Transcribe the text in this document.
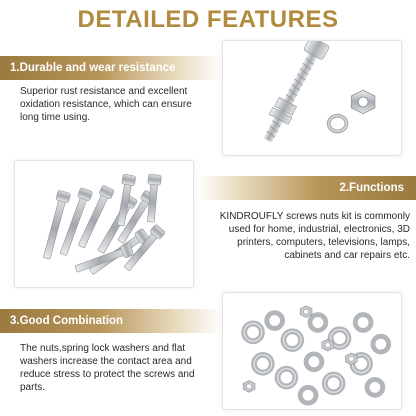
DETAILED FEATURES
1.Durable and wear resistance
Superior rust resistance and excellent
oxidation resistance, which can ensure
long time using.
2.Functions
KINDROUFLY screws nuts kit is commonly
used for home, industrial, electronics, 3D
printers, computers, televisions, lamps,
cabinets and car repairs etc.
3.Good Combination
The nuts,spring lock washers and flat
washers increase the contact area and
reduce stress to protect the screws and
parts.
